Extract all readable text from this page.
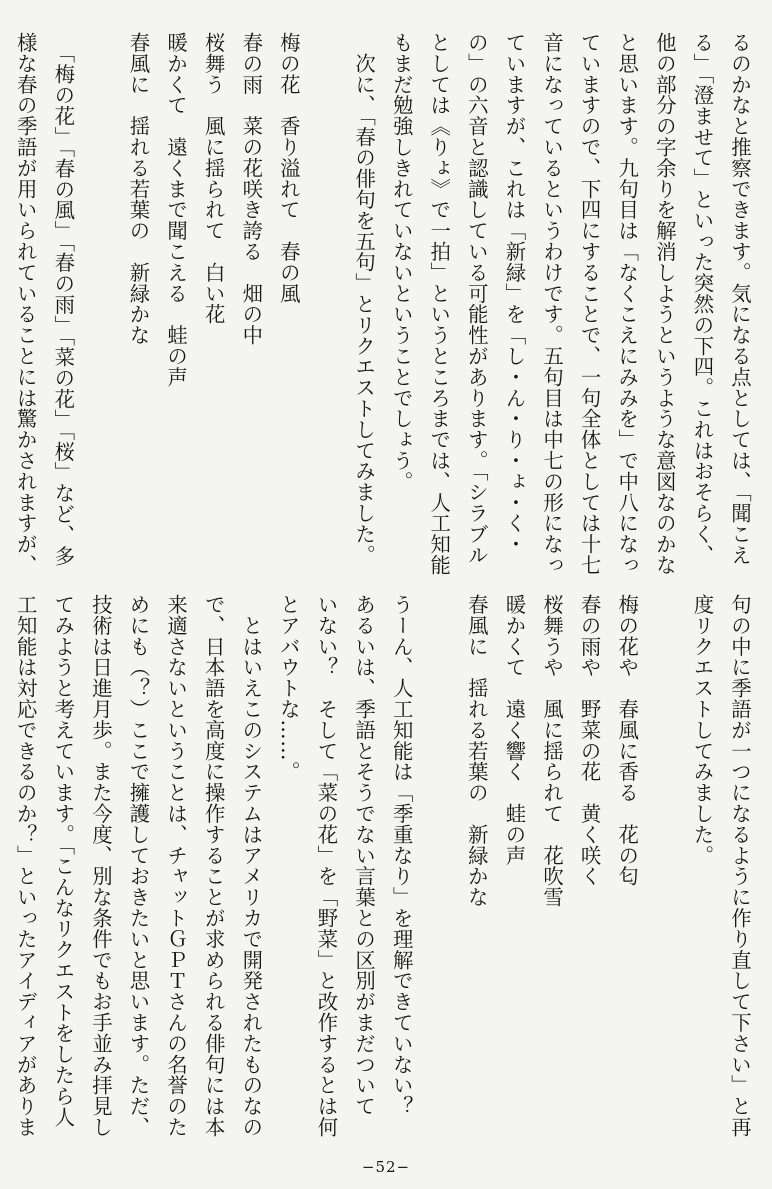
るのかなと推察できます。気になる点としては、「聞こえ
る」「澄ませて」といった突然の下四。これはおそらく、
他の部分の字余りを解消しようというような意図なのかな
と思います。九句目は「なくこえにみみを」で中八になっ
ていますので、下四にすることで、一句全体としては十七
音になっているというわけです。五句目は中七の形になっ
ていますが、これは「新緑」を「し・ん・り・ょ・く・
の」の六音と認識している可能性があります。「シラブル
としては《りょ》で一拍」というところまでは、人工知能
もまだ勉強しきれていないということでしょう。
　次に、「春の俳句を五句」とリクエストしてみました。

梅の花　香り溢れて　春の風
春の雨　菜の花咲き誇る　畑の中
桜舞う　風に揺られて　白い花
暖かくて　遠くまで聞こえる　蛙の声
春風に　揺れる若葉の　新緑かな

　「梅の花」「春の風」「春の雨」「菜の花」「桜」など、多
様な春の季語が用いられていることには驚かされますが、

句の中に季語が一つになるように作り直して下さい」と再
度リクエストしてみました。

梅の花や　春風に香る　花の匂
春の雨や　野菜の花　黄く咲く
桜舞うや　風に揺られて　花吹雪
暖かくて　遠く響く　蛙の声
春風に　揺れる若葉の　新緑かな

うーん、人工知能は「季重なり」を理解できていない？
あるいは、季語とそうでない言葉との区別がまだついて
いない？　そして「菜の花」を「野菜」と改作するとは何
とアバウトな……。
　とはいえこのシステムはアメリカで開発されたものなの
で、日本語を高度に操作することが求められる俳句には本
来適さないということは、チャットＧＰＴさんの名誉のた
めにも（？）ここで擁護しておきたいと思います。ただ、
技術は日進月歩。また今度、別な条件でもお手並み拝見し
てみようと考えています。「こんなリクエストをしたら人
工知能は対応できるのか？」といったアイディアがありま

−52−
